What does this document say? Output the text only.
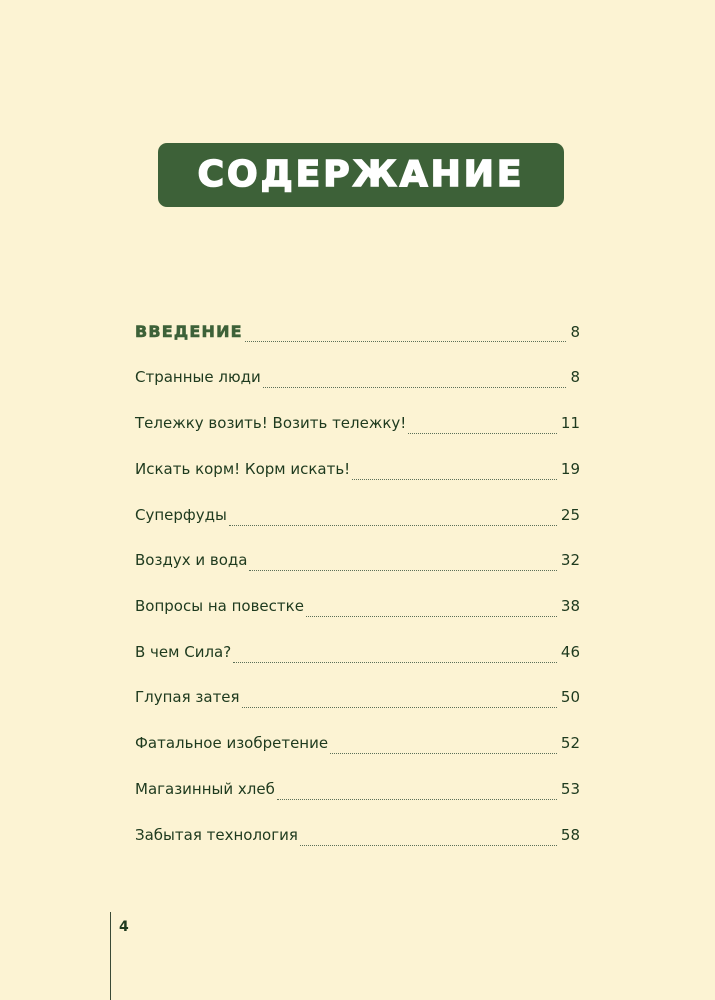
СОДЕРЖАНИЕ
ВВЕДЕНИЕ	8
Странные люди	8
Тележку возить! Возить тележку!	11
Искать корм! Корм искать!	19
Суперфуды	25
Воздух и вода	32
Вопросы на повестке	38
В чем Сила?	46
Глупая затея	50
Фатальное изобретение	52
Магазинный хлеб	53
Забытая технология	58
4
